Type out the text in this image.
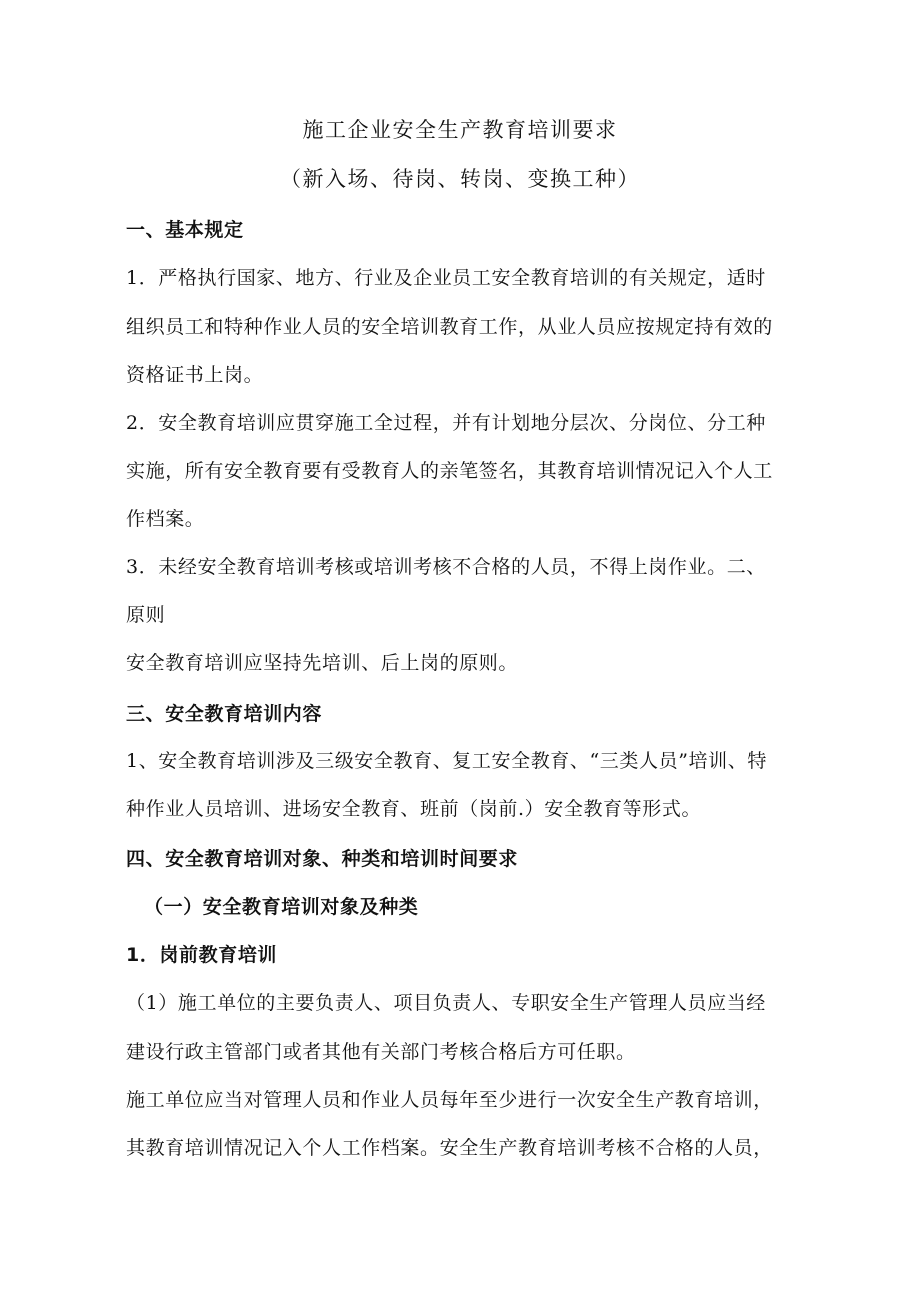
施工企业安全生产教育培训要求
（新入场、待岗、转岗、变换工种）
一、基本规定
1．严格执行国家、地方、行业及企业员工安全教育培训的有关规定，适时
组织员工和特种作业人员的安全培训教育工作，从业人员应按规定持有效的
资格证书上岗。
2．安全教育培训应贯穿施工全过程，并有计划地分层次、分岗位、分工种
实施，所有安全教育要有受教育人的亲笔签名，其教育培训情况记入个人工
作档案。
3．未经安全教育培训考核或培训考核不合格的人员，不得上岗作业。二、
原则
安全教育培训应坚持先培训、后上岗的原则。
三、安全教育培训内容
1、安全教育培训涉及三级安全教育、复工安全教育、“三类人员”培训、特
种作业人员培训、进场安全教育、班前（岗前.）安全教育等形式。
四、安全教育培训对象、种类和培训时间要求
（一）安全教育培训对象及种类
1．岗前教育培训
（1）施工单位的主要负责人、项目负责人、专职安全生产管理人员应当经
建设行政主管部门或者其他有关部门考核合格后方可任职。
施工单位应当对管理人员和作业人员每年至少进行一次安全生产教育培训，
其教育培训情况记入个人工作档案。安全生产教育培训考核不合格的人员，
